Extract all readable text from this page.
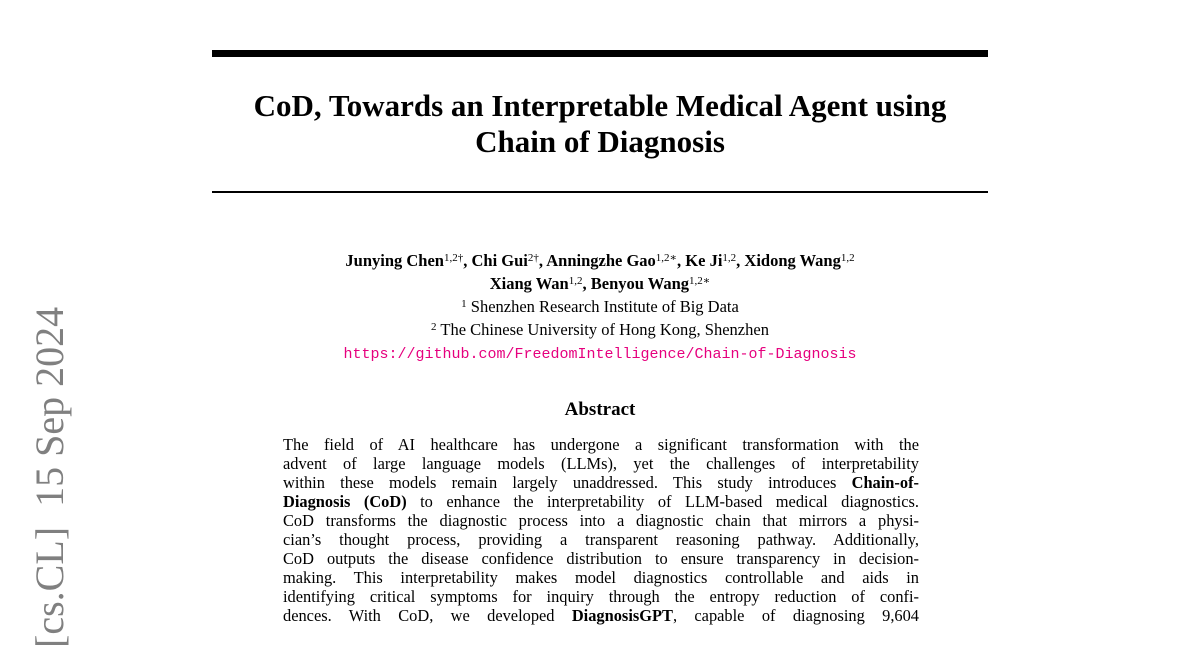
CoD, Towards an Interpretable Medical Agent using
Chain of Diagnosis
Junying Chen$^{1,2\dagger}$, Chi Gui$^{2\dagger}$, Anningzhe Gao$^{1,2∗}$, Ke Ji$^{1,2}$, Xidong Wang$^{1,2}$
Xiang Wan$^{1,2}$, Benyou Wang$^{1,2∗}$
$^1$ Shenzhen Research Institute of Big Data
$^2$ The Chinese University of Hong Kong, Shenzhen
https://github.com/FreedomIntelligence/Chain-of-Diagnosis
Abstract
The field of AI healthcare has undergone a significant transformation with the
advent of large language models (LLMs), yet the challenges of interpretability
within these models remain largely unaddressed. This study introduces Chain-of-
Diagnosis (CoD) to enhance the interpretability of LLM-based medical diagnostics.
CoD transforms the diagnostic process into a diagnostic chain that mirrors a physi-
cian’s thought process, providing a transparent reasoning pathway. Additionally,
CoD outputs the disease confidence distribution to ensure transparency in decision-
making. This interpretability makes model diagnostics controllable and aids in
identifying critical symptoms for inquiry through the entropy reduction of confi-
dences. With CoD, we developed DiagnosisGPT, capable of diagnosing 9,604
[cs.CL]  15 Sep 2024
